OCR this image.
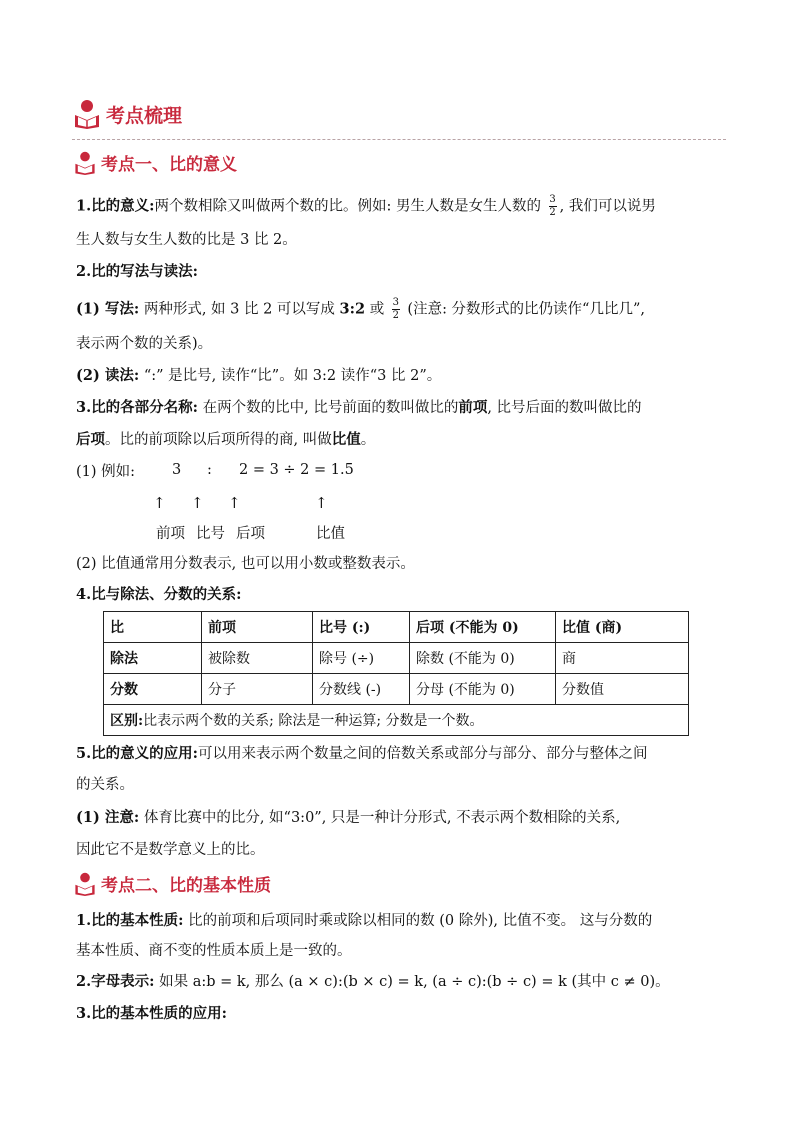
考点梳理
考点一、比的意义
1.比的意义:两个数相除又叫做两个数的比。例如: 男生人数是女生人数的 $\frac{3}{2}$ , 我们可以说男
生人数与女生人数的比是 3 比 2。
2.比的写法与读法:
(1) 写法: 两种形式, 如 3 比 2 可以写成 3:2 或 $\frac{3}{2}$ (注意: 分数形式的比仍读作“几比几”,
表示两个数的关系)。
(2) 读法: “:” 是比号, 读作“比”。如 3:2 读作“3 比 2”。
3.比的各部分名称: 在两个数的比中, 比号前面的数叫做比的前项, 比号后面的数叫做比的
后项。比的前项除以后项所得的商, 叫做比值。
(1) 例如:	3 : 2 = 3 ÷ 2 = 1.5
↑ ↑ ↑	↑
前项 比号 后项	比值
(2) 比值通常用分数表示, 也可以用小数或整数表示。
4.比与除法、分数的关系:
比	前项	比号 (:)	后项 (不能为 0)	比值 (商)
除法	被除数	除号 (÷)	除数 (不能为 0)	商
分数	分子	分数线 (-)	分母 (不能为 0)	分数值
区别:比表示两个数的关系; 除法是一种运算; 分数是一个数。				
5.比的意义的应用:可以用来表示两个数量之间的倍数关系或部分与部分、部分与整体之间
的关系。
(1) 注意: 体育比赛中的比分, 如“3:0”, 只是一种计分形式, 不表示两个数相除的关系,
因此它不是数学意义上的比。
考点二、比的基本性质
1.比的基本性质: 比的前项和后项同时乘或除以相同的数 (0 除外), 比值不变。 这与分数的
基本性质、商不变的性质本质上是一致的。
2.字母表示: 如果 a:b = k, 那么 (a × c):(b × c) = k, (a ÷ c):(b ÷ c) = k (其中 c ≠ 0)。
3.比的基本性质的应用:
